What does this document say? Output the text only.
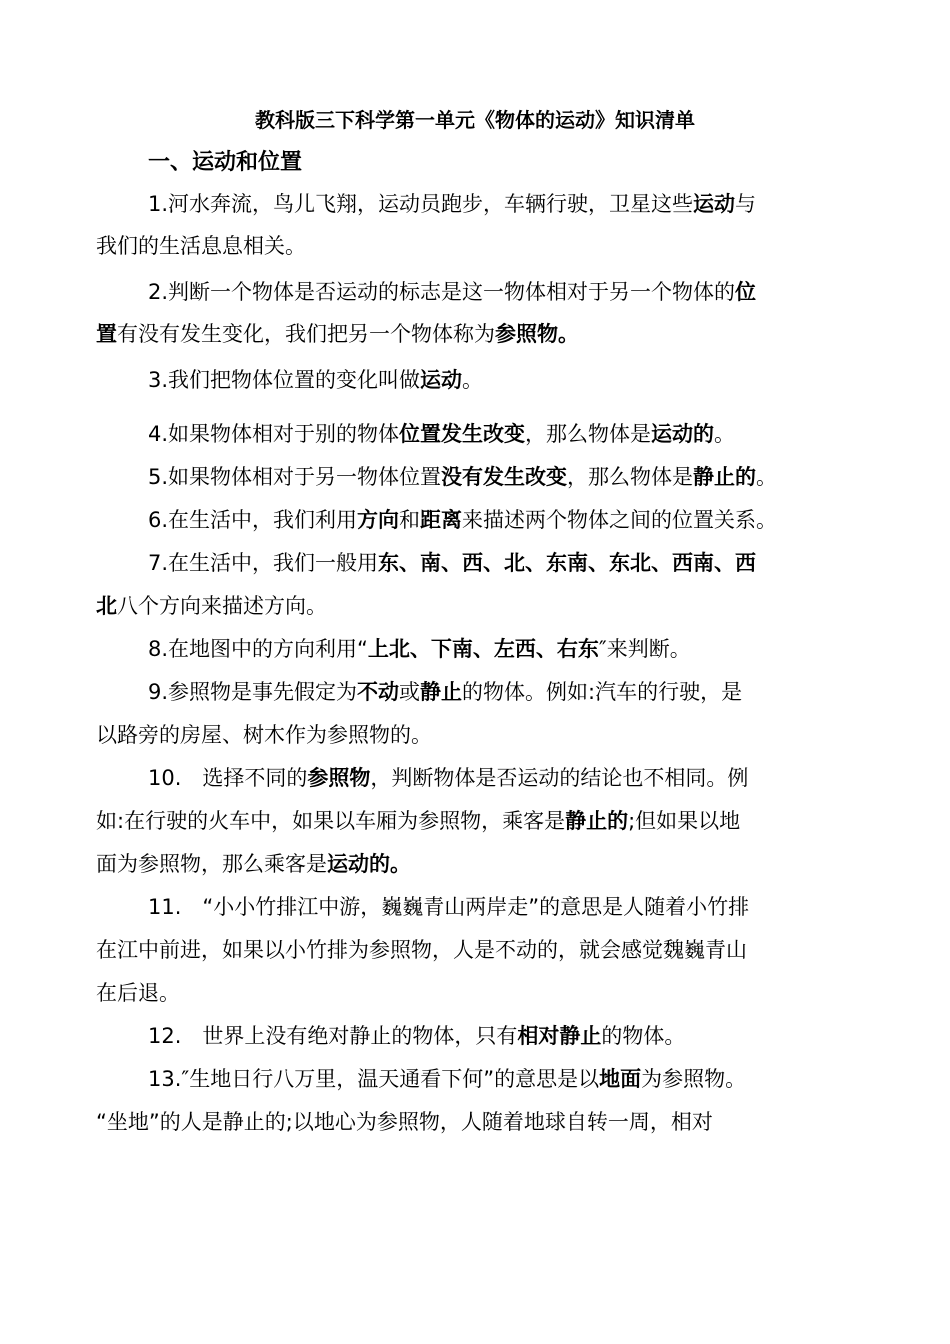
教科版三下科学第一单元《物体的运动》知识清单
一、运动和位置
1.河水奔流，鸟儿飞翔，运动员跑步，车辆行驶，卫星这些运动与
我们的生活息息相关。
2.判断一个物体是否运动的标志是这一物体相对于另一个物体的位
置有没有发生变化，我们把另一个物体称为参照物。
3.我们把物体位置的变化叫做运动。
4.如果物体相对于别的物体位置发生改变，那么物体是运动的。
5.如果物体相对于另一物体位置没有发生改变，那么物体是静止的。
6.在生活中，我们利用方向和距离来描述两个物体之间的位置关系。
7.在生活中，我们一般用东、南、西、北、东南、东北、西南、西
北八个方向来描述方向。
8.在地图中的方向利用“上北、下南、左西、右东″来判断。
9.参照物是事先假定为不动或静止的物体。例如:汽车的行驶，是
以路旁的房屋、树木作为参照物的。
10.　选择不同的参照物，判断物体是否运动的结论也不相同。例
如:在行驶的火车中，如果以车厢为参照物，乘客是静止的;但如果以地
面为参照物，那么乘客是运动的。
11.　“小小竹排江中游，巍巍青山两岸走”的意思是人随着小竹排
在江中前进，如果以小竹排为参照物，人是不动的，就会感觉魏巍青山
在后退。
12.　世界上没有绝对静止的物体，只有相对静止的物体。
13.″生地日行八万里，温天通看下何”的意思是以地面为参照物。
“坐地”的人是静止的;以地心为参照物，人随着地球自转一周，相对
